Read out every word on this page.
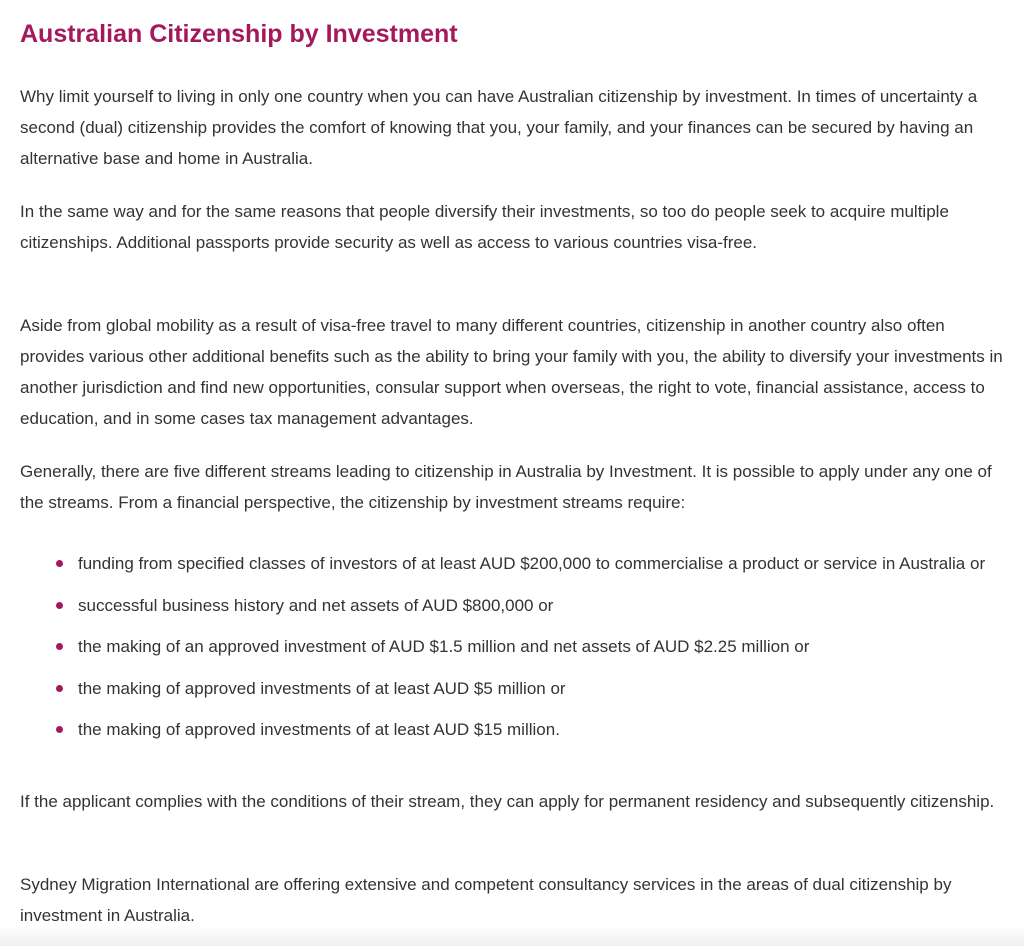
Australian Citizenship by Investment

Why limit yourself to living in only one country when you can have Australian citizenship by investment. In times of uncertainty a second (dual) citizenship provides the comfort of knowing that you, your family, and your finances can be secured by having an alternative base and home in Australia.

In the same way and for the same reasons that people diversify their investments, so too do people seek to acquire multiple citizenships. Additional passports provide security as well as access to various countries visa-free.

Aside from global mobility as a result of visa-free travel to many different countries, citizenship in another country also often provides various other additional benefits such as the ability to bring your family with you, the ability to diversify your investments in another jurisdiction and find new opportunities, consular support when overseas, the right to vote, financial assistance, access to education, and in some cases tax management advantages.

Generally, there are five different streams leading to citizenship in Australia by Investment. It is possible to apply under any one of the streams. From a financial perspective, the citizenship by investment streams require:

funding from specified classes of investors of at least AUD $200,000 to commercialise a product or service in Australia or
successful business history and net assets of AUD $800,000 or
the making of an approved investment of AUD $1.5 million and net assets of AUD $2.25 million or
the making of approved investments of at least AUD $5 million or
the making of approved investments of at least AUD $15 million.

If the applicant complies with the conditions of their stream, they can apply for permanent residency and subsequently citizenship.

Sydney Migration International are offering extensive and competent consultancy services in the areas of dual citizenship by investment in Australia.
